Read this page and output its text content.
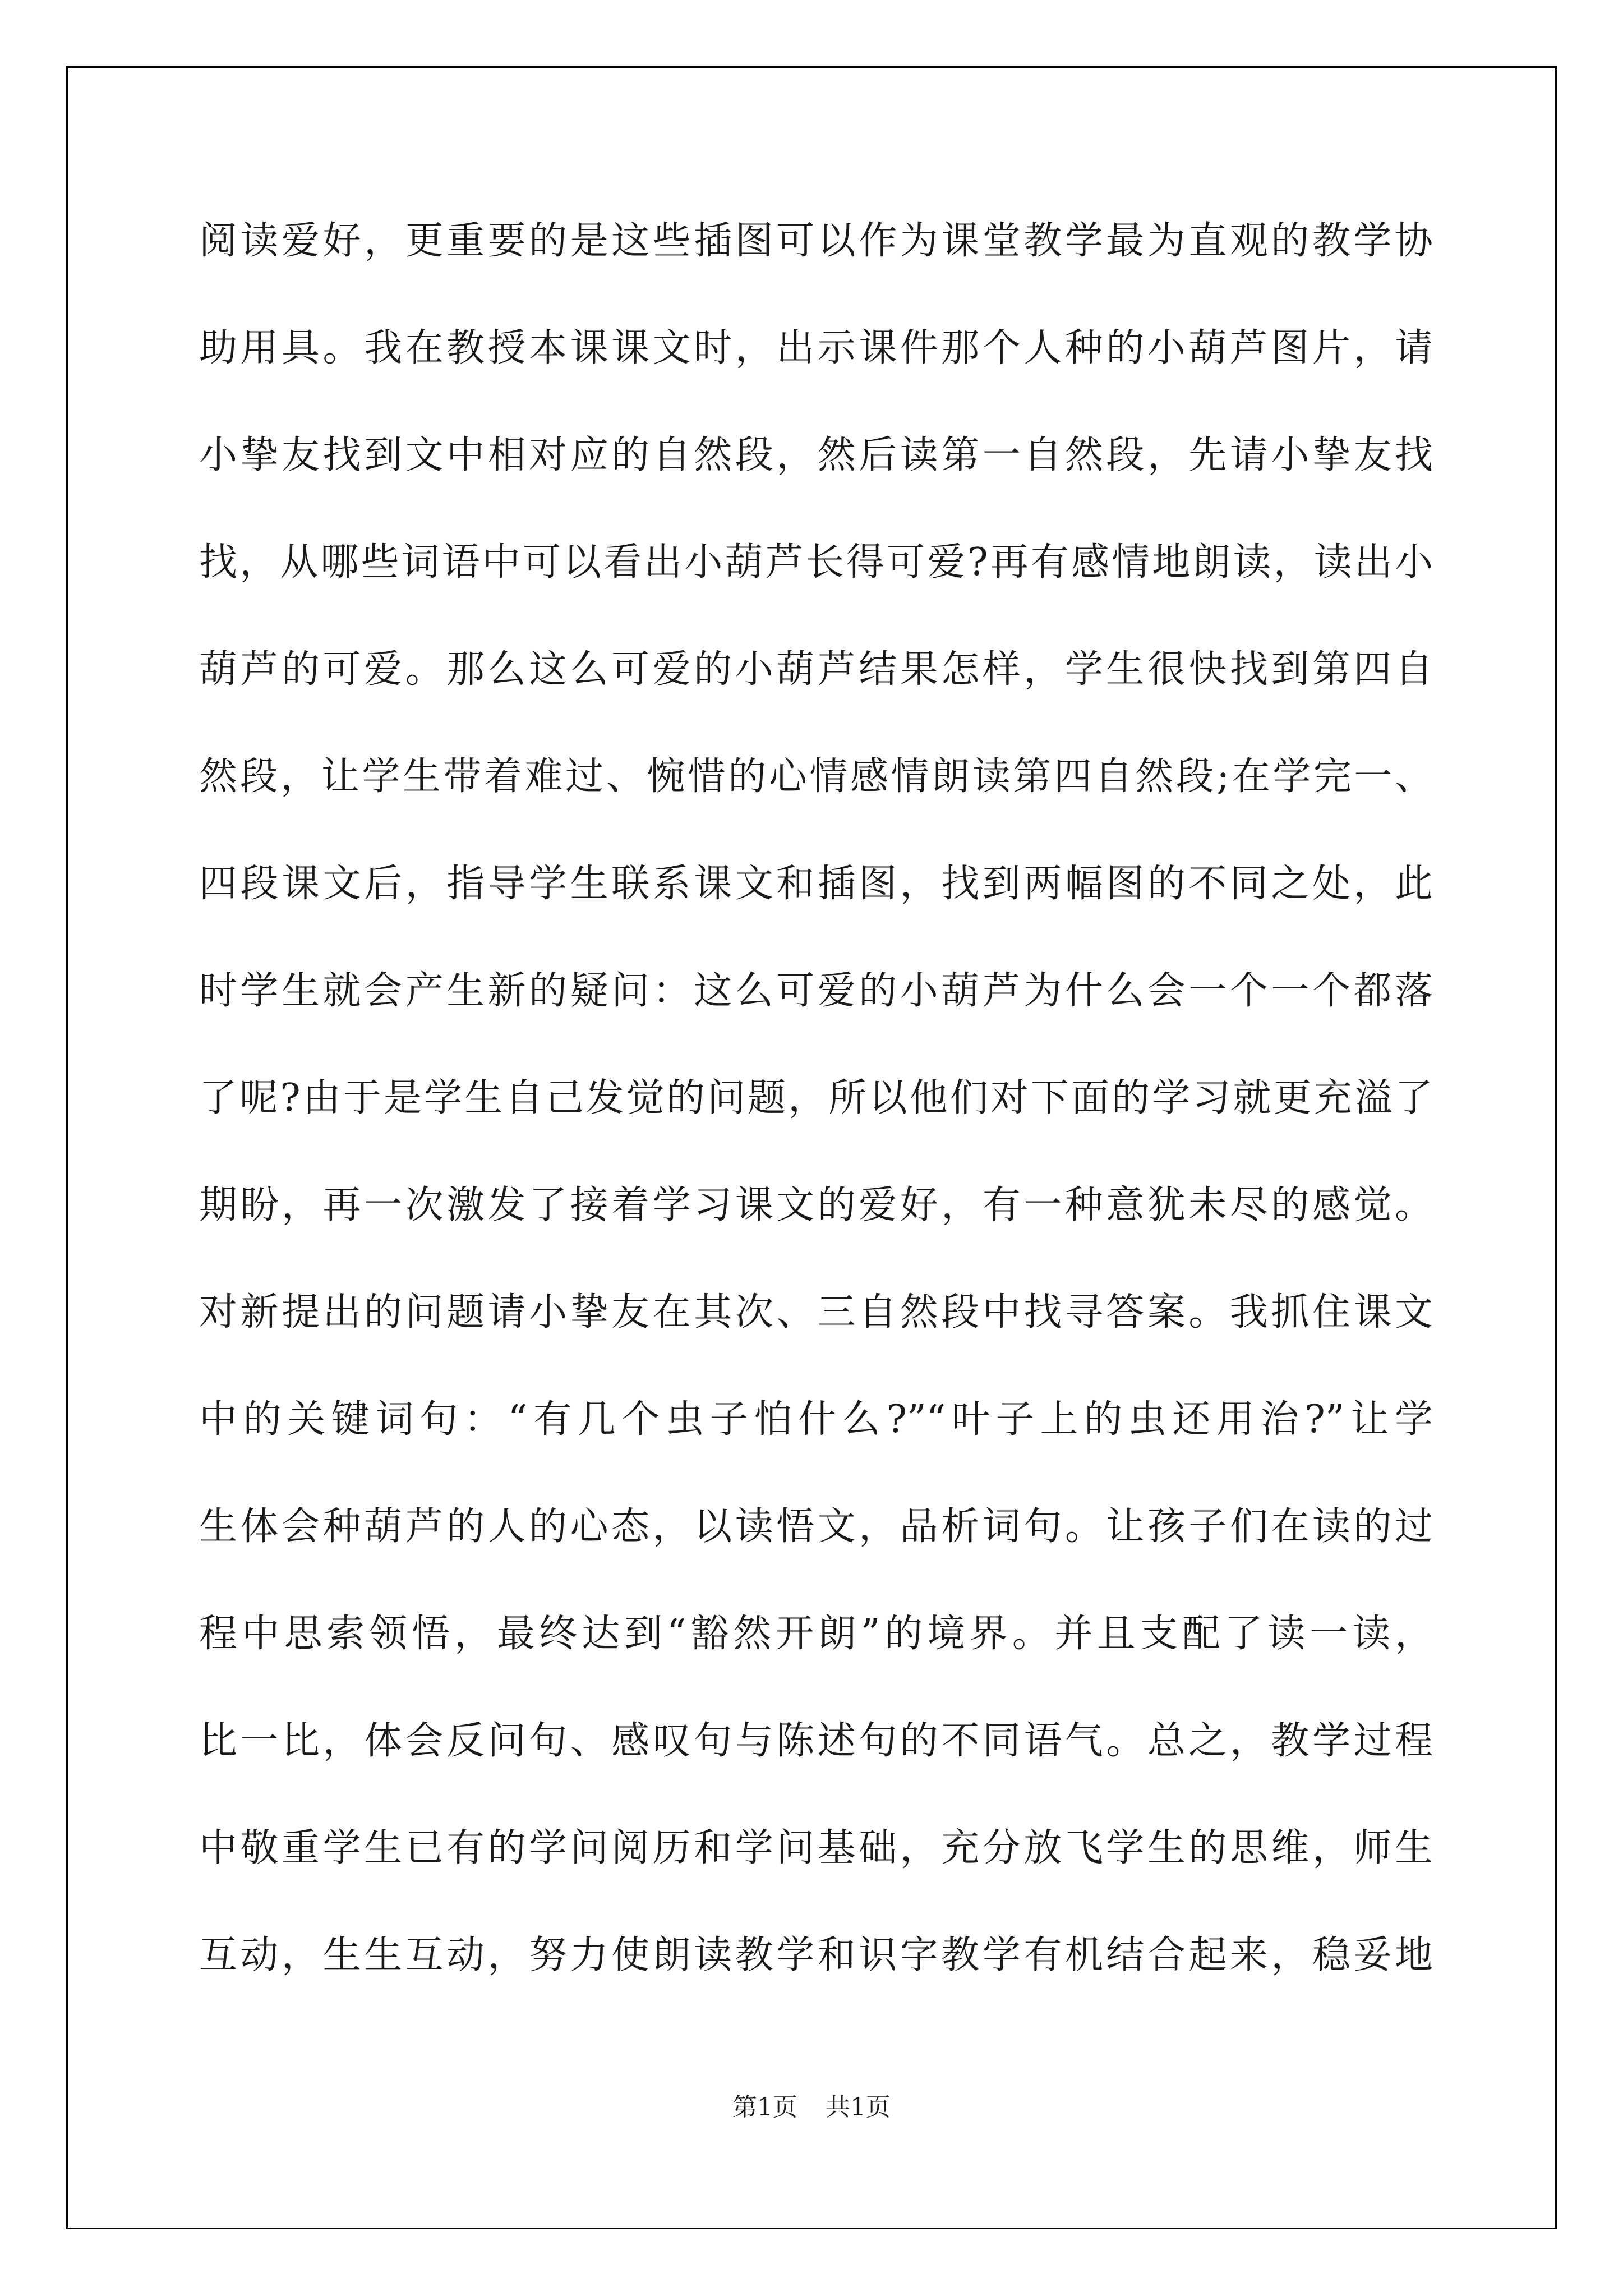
阅读爱好，更重要的是这些插图可以作为课堂教学最为直观的教学协
助用具。我在教授本课课文时，出示课件那个人种的小葫芦图片，请
小挚友找到文中相对应的自然段，然后读第一自然段，先请小挚友找
找，从哪些词语中可以看出小葫芦长得可爱?再有感情地朗读，读出小
葫芦的可爱。那么这么可爱的小葫芦结果怎样，学生很快找到第四自
然段，让学生带着难过、惋惜的心情感情朗读第四自然段;在学完一、
四段课文后，指导学生联系课文和插图，找到两幅图的不同之处，此
时学生就会产生新的疑问：这么可爱的小葫芦为什么会一个一个都落
了呢?由于是学生自己发觉的问题，所以他们对下面的学习就更充溢了
期盼，再一次激发了接着学习课文的爱好，有一种意犹未尽的感觉。
对新提出的问题请小挚友在其次、三自然段中找寻答案。我抓住课文
中的关键词句：“有几个虫子怕什么?”“叶子上的虫还用治?”让学
生体会种葫芦的人的心态，以读悟文，品析词句。让孩子们在读的过
程中思索领悟，最终达到“豁然开朗”的境界。并且支配了读一读，
比一比，体会反问句、感叹句与陈述句的不同语气。总之，教学过程
中敬重学生已有的学问阅历和学问基础，充分放飞学生的思维，师生
互动，生生互动，努力使朗读教学和识字教学有机结合起来，稳妥地
第1页 共1页
